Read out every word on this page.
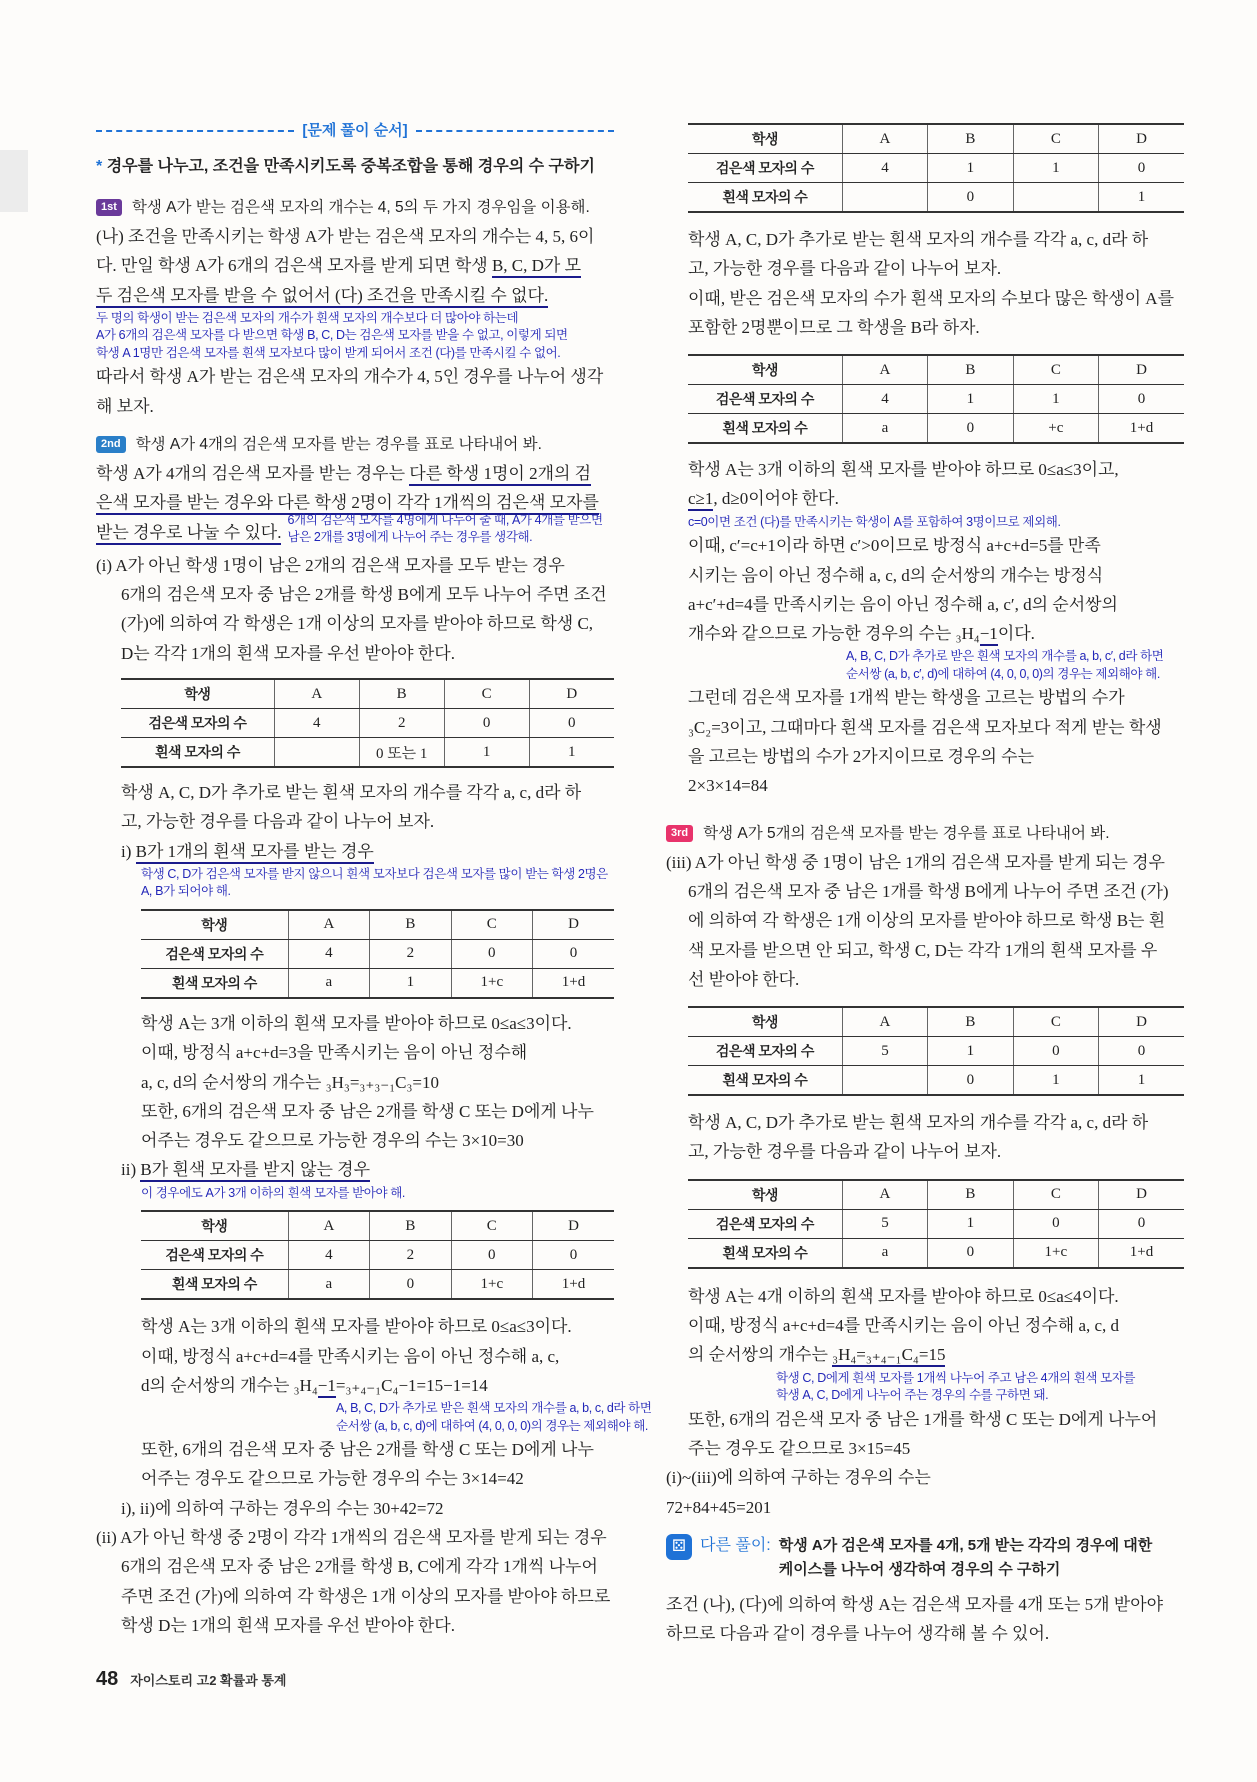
[문제 풀이 순서]
* 경우를 나누고, 조건을 만족시키도록 중복조합을 통해 경우의 수 구하기
1st 학생 A가 받는 검은색 모자의 개수는 4, 5의 두 가지 경우임을 이용해.
(나) 조건을 만족시키는 학생 A가 받는 검은색 모자의 개수는 4, 5, 6이
다. 만일 학생 A가 6개의 검은색 모자를 받게 되면 학생 B, C, D가 모
두 검은색 모자를 받을 수 없어서 (다) 조건을 만족시킬 수 없다.
두 명의 학생이 받는 검은색 모자의 개수가 흰색 모자의 개수보다 더 많아야 하는데
A가 6개의 검은색 모자를 다 받으면 학생 B, C, D는 검은색 모자를 받을 수 없고, 이렇게 되면
학생 A 1명만 검은색 모자를 흰색 모자보다 많이 받게 되어서 조건 (다)를 만족시킬 수 없어.
따라서 학생 A가 받는 검은색 모자의 개수가 4, 5인 경우를 나누어 생각
해 보자.
2nd 학생 A가 4개의 검은색 모자를 받는 경우를 표로 나타내어 봐.
학생 A가 4개의 검은색 모자를 받는 경우는 다른 학생 1명이 2개의 검
은색 모자를 받는 경우와 다른 학생 2명이 각각 1개씩의 검은색 모자를
받는 경우로 나눌 수 있다.
6개의 검은색 모자를 4명에게 나누어 줄 때, A가 4개를 받으면
남은 2개를 3명에게 나누어 주는 경우를 생각해.
(i) A가 아닌 학생 1명이 남은 2개의 검은색 모자를 모두 받는 경우
6개의 검은색 모자 중 남은 2개를 학생 B에게 모두 나누어 주면 조건
(가)에 의하여 각 학생은 1개 이상의 모자를 받아야 하므로 학생 C,
D는 각각 1개의 흰색 모자를 우선 받아야 한다.
학생	A	B	C	D
검은색 모자의 수	4	2	0	0
흰색 모자의 수		0 또는 1	1	1
학생 A, C, D가 추가로 받는 흰색 모자의 개수를 각각 a, c, d라 하
고, 가능한 경우를 다음과 같이 나누어 보자.
i) B가 1개의 흰색 모자를 받는 경우
학생 C, D가 검은색 모자를 받지 않으니 흰색 모자보다 검은색 모자를 많이 받는 학생 2명은
A, B가 되어야 해.
학생	A	B	C	D
검은색 모자의 수	4	2	0	0
흰색 모자의 수	a	1	1+c	1+d
학생 A는 3개 이하의 흰색 모자를 받아야 하므로 0≤a≤3이다.
이때, 방정식 a+c+d=3을 만족시키는 음이 아닌 정수해
a, c, d의 순서쌍의 개수는 ₃H₃=₃₊₃₋₁C₃=10
또한, 6개의 검은색 모자 중 남은 2개를 학생 C 또는 D에게 나누
어주는 경우도 같으므로 가능한 경우의 수는 3×10=30
ii) B가 흰색 모자를 받지 않는 경우
이 경우에도 A가 3개 이하의 흰색 모자를 받아야 해.
학생	A	B	C	D
검은색 모자의 수	4	2	0	0
흰색 모자의 수	a	0	1+c	1+d
학생 A는 3개 이하의 흰색 모자를 받아야 하므로 0≤a≤3이다.
이때, 방정식 a+c+d=4를 만족시키는 음이 아닌 정수해 a, c,
d의 순서쌍의 개수는 ₃H₄−1=₃₊₄₋₁C₄−1=15−1=14
A, B, C, D가 추가로 받은 흰색 모자의 개수를 a, b, c, d라 하면
순서쌍 (a, b, c, d)에 대하여 (4, 0, 0, 0)의 경우는 제외해야 해.
또한, 6개의 검은색 모자 중 남은 2개를 학생 C 또는 D에게 나누
어주는 경우도 같으므로 가능한 경우의 수는 3×14=42
i), ii)에 의하여 구하는 경우의 수는 30+42=72
(ii) A가 아닌 학생 중 2명이 각각 1개씩의 검은색 모자를 받게 되는 경우
6개의 검은색 모자 중 남은 2개를 학생 B, C에게 각각 1개씩 나누어
주면 조건 (가)에 의하여 각 학생은 1개 이상의 모자를 받아야 하므로
학생 D는 1개의 흰색 모자를 우선 받아야 한다.
학생	A	B	C	D
검은색 모자의 수	4	1	1	0
흰색 모자의 수		0		1
학생 A, C, D가 추가로 받는 흰색 모자의 개수를 각각 a, c, d라 하
고, 가능한 경우를 다음과 같이 나누어 보자.
이때, 받은 검은색 모자의 수가 흰색 모자의 수보다 많은 학생이 A를
포함한 2명뿐이므로 그 학생을 B라 하자.
학생	A	B	C	D
검은색 모자의 수	4	1	1	0
흰색 모자의 수	a	0	+c	1+d
학생 A는 3개 이하의 흰색 모자를 받아야 하므로 0≤a≤3이고,
c≥1, d≥0이어야 한다.
c=0이면 조건 (다)를 만족시키는 학생이 A를 포함하여 3명이므로 제외해.
이때, c′=c+1이라 하면 c′>0이므로 방정식 a+c+d=5를 만족
시키는 음이 아닌 정수해 a, c, d의 순서쌍의 개수는 방정식
a+c′+d=4를 만족시키는 음이 아닌 정수해 a, c′, d의 순서쌍의
개수와 같으므로 가능한 경우의 수는 ₃H₄−1이다.
A, B, C, D가 추가로 받은 흰색 모자의 개수를 a, b, c′, d라 하면
순서쌍 (a, b, c′, d)에 대하여 (4, 0, 0, 0)의 경우는 제외해야 해.
그런데 검은색 모자를 1개씩 받는 학생을 고르는 방법의 수가
₃C₂=3이고, 그때마다 흰색 모자를 검은색 모자보다 적게 받는 학생
을 고르는 방법의 수가 2가지이므로 경우의 수는
2×3×14=84
3rd 학생 A가 5개의 검은색 모자를 받는 경우를 표로 나타내어 봐.
(iii) A가 아닌 학생 중 1명이 남은 1개의 검은색 모자를 받게 되는 경우
6개의 검은색 모자 중 남은 1개를 학생 B에게 나누어 주면 조건 (가)
에 의하여 각 학생은 1개 이상의 모자를 받아야 하므로 학생 B는 흰
색 모자를 받으면 안 되고, 학생 C, D는 각각 1개의 흰색 모자를 우
선 받아야 한다.
학생	A	B	C	D
검은색 모자의 수	5	1	0	0
흰색 모자의 수		0	1	1
학생 A, C, D가 추가로 받는 흰색 모자의 개수를 각각 a, c, d라 하
고, 가능한 경우를 다음과 같이 나누어 보자.
학생	A	B	C	D
검은색 모자의 수	5	1	0	0
흰색 모자의 수	a	0	1+c	1+d
학생 A는 4개 이하의 흰색 모자를 받아야 하므로 0≤a≤4이다.
이때, 방정식 a+c+d=4를 만족시키는 음이 아닌 정수해 a, c, d
의 순서쌍의 개수는 ₃H₄=₃₊₄₋₁C₄=15
학생 C, D에게 흰색 모자를 1개씩 나누어 주고 남은 4개의 흰색 모자를
학생 A, C, D에게 나누어 주는 경우의 수를 구하면 돼.
또한, 6개의 검은색 모자 중 남은 1개를 학생 C 또는 D에게 나누어
주는 경우도 같으므로 3×15=45
(i)~(iii)에 의하여 구하는 경우의 수는
72+84+45=201
⚄ 다른 풀이: 학생 A가 검은색 모자를 4개, 5개 받는 각각의 경우에 대한
케이스를 나누어 생각하여 경우의 수 구하기
조건 (나), (다)에 의하여 학생 A는 검은색 모자를 4개 또는 5개 받아야
하므로 다음과 같이 경우를 나누어 생각해 볼 수 있어.
48 자이스토리 고2 확률과 통계
